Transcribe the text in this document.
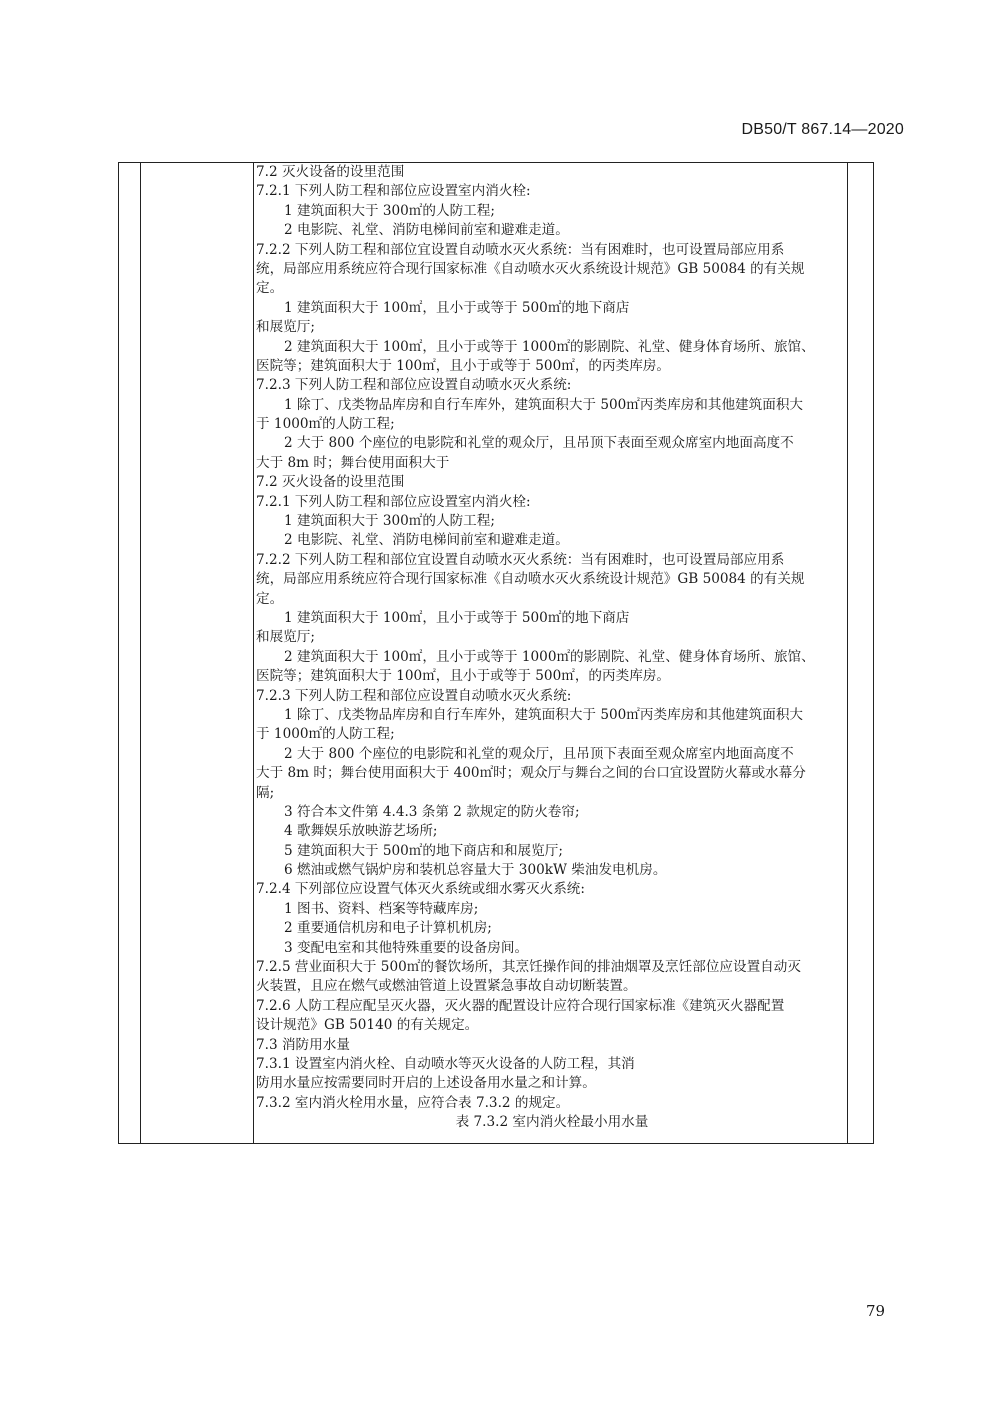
DB50/T 867.14—2020
7.2 灭火设备的设里范围
7.2.1 下列人防工程和部位应设置室内消火栓:
1 建筑面积大于 300㎡的人防工程;
2 电影院、礼堂、消防电梯间前室和避难走道。
7.2.2 下列人防工程和部位宜设置自动喷水灭火系统：当有困难时，也可设置局部应用系
统，局部应用系统应符合现行国家标准《自动喷水灭火系统设计规范》GB 50084 的有关规
定。
1 建筑面积大于 100㎡，且小于或等于 500㎡的地下商店
和展览厅;
2 建筑面积大于 100㎡，且小于或等于 1000㎡的影剧院、礼堂、健身体育场所、旅馆、
医院等；建筑面积大于 100㎡，且小于或等于 500㎡，的丙类库房。
7.2.3 下列人防工程和部位应设置自动喷水灭火系统:
1 除丁、戊类物品库房和自行车库外，建筑面积大于 500㎡丙类库房和其他建筑面积大
于 1000㎡的人防工程;
2 大于 800 个座位的电影院和礼堂的观众厅，且吊顶下表面至观众席室内地面高度不
大于 8m 时；舞台使用面积大于
7.2 灭火设备的设里范围
7.2.1 下列人防工程和部位应设置室内消火栓:
1 建筑面积大于 300㎡的人防工程;
2 电影院、礼堂、消防电梯间前室和避难走道。
7.2.2 下列人防工程和部位宜设置自动喷水灭火系统：当有困难时，也可设置局部应用系
统，局部应用系统应符合现行国家标准《自动喷水灭火系统设计规范》GB 50084 的有关规
定。
1 建筑面积大于 100㎡，且小于或等于 500㎡的地下商店
和展览厅;
2 建筑面积大于 100㎡，且小于或等于 1000㎡的影剧院、礼堂、健身体育场所、旅馆、
医院等；建筑面积大于 100㎡，且小于或等于 500㎡，的丙类库房。
7.2.3 下列人防工程和部位应设置自动喷水灭火系统:
1 除丁、戊类物品库房和自行车库外，建筑面积大于 500㎡丙类库房和其他建筑面积大
于 1000㎡的人防工程;
2 大于 800 个座位的电影院和礼堂的观众厅，且吊顶下表面至观众席室内地面高度不
大于 8m 时；舞台使用面积大于 400㎡时；观众厅与舞台之间的台口宜设置防火幕或水幕分
隔;
3 符合本文件第 4.4.3 条第 2 款规定的防火卷帘;
4 歌舞娱乐放映游艺场所;
5 建筑面积大于 500㎡的地下商店和和展览厅;
6 燃油或燃气锅炉房和装机总容量大于 300kW 柴油发电机房。
7.2.4 下列部位应设置气体灭火系统或细水雾灭火系统:
1 图书、资料、档案等特藏库房;
2 重要通信机房和电子计算机机房;
3 变配电室和其他特殊重要的设备房间。
7.2.5 营业面积大于 500㎡的餐饮场所，其烹饪操作间的排油烟罩及烹饪部位应设置自动灭
火装置，且应在燃气或燃油管道上设置紧急事故自动切断装置。
7.2.6 人防工程应配呈灭火器，灭火器的配置设计应符合现行国家标准《建筑灭火器配置
设计规范》GB 50140 的有关规定。
7.3 消防用水量
7.3.1 设置室内消火栓、自动喷水等灭火设备的人防工程，其消
防用水量应按需要同时开启的上述设备用水量之和计算。
7.3.2 室内消火栓用水量，应符合表 7.3.2 的规定。
表 7.3.2 室内消火栓最小用水量
79
